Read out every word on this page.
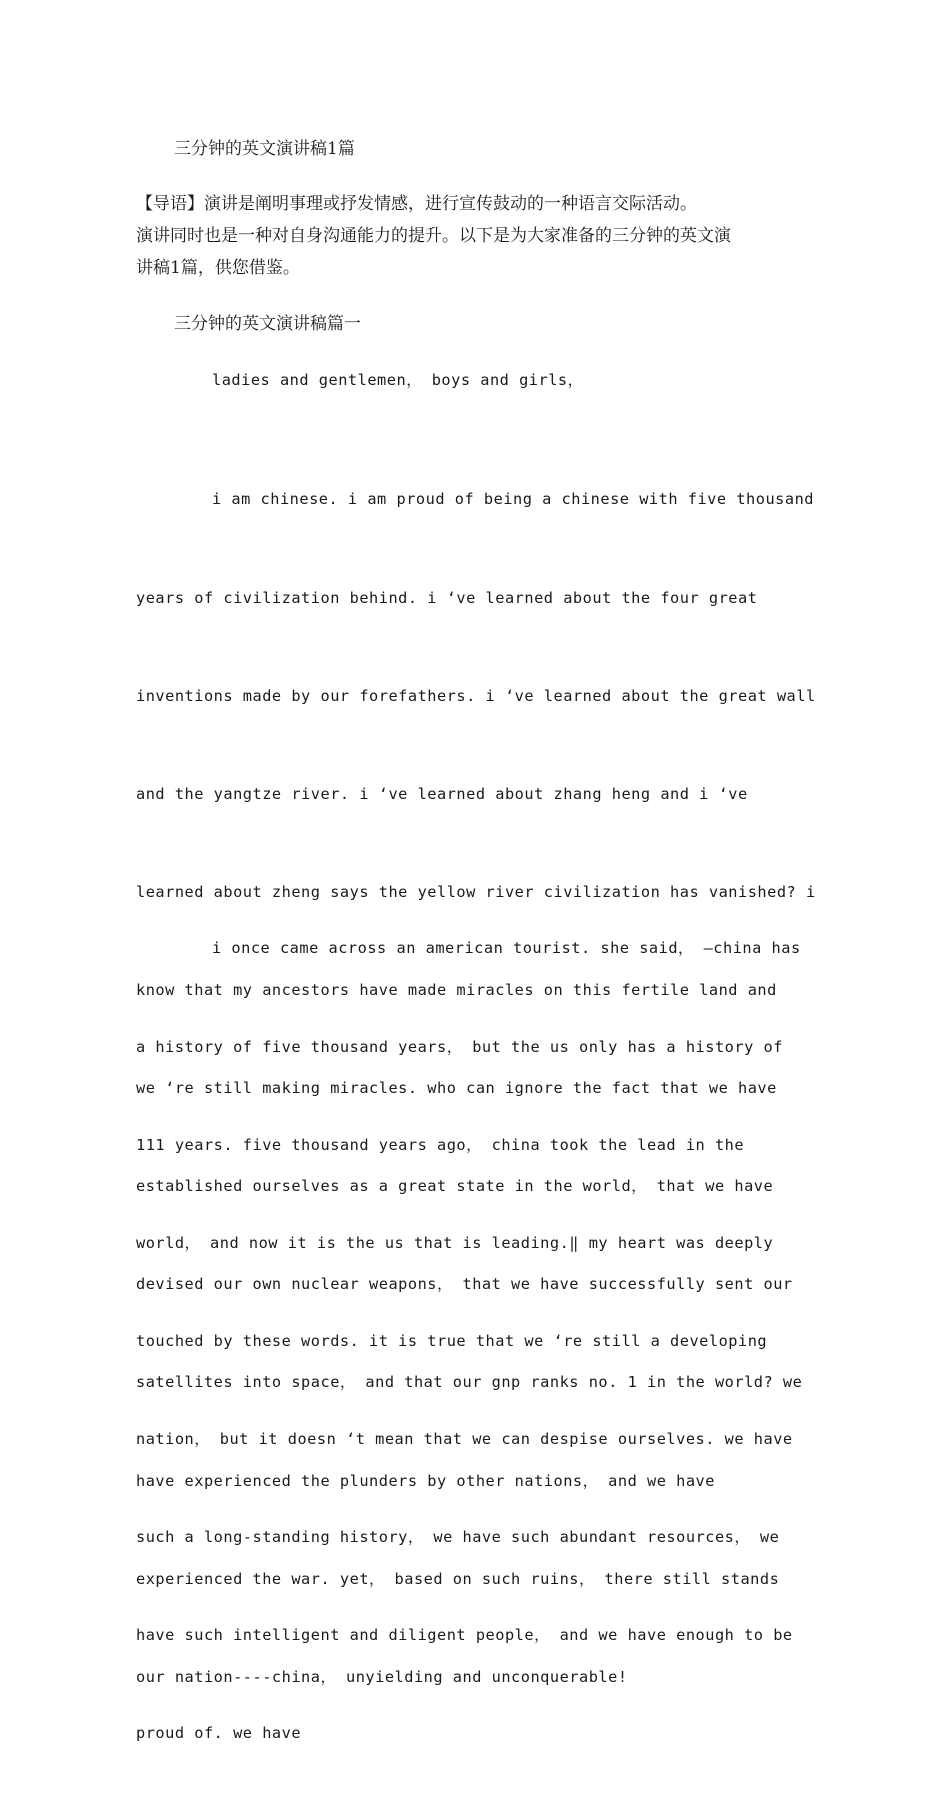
三分钟的英文演讲稿1篇
【导语】演讲是阐明事理或抒发情感，进行宣传鼓动的一种语言交际活动。
演讲同时也是一种对自身沟通能力的提升。以下是为大家准备的三分钟的英文演
讲稿1篇，供您借鉴。
三分钟的英文演讲稿篇一
ladies and gentlemen， boys and girls，

i am chinese. i am proud of being a chinese with five thousand

years of civilization behind. i ‘ve learned about the four great

inventions made by our forefathers. i ‘ve learned about the great wall

and the yangtze river. i ‘ve learned about zhang heng and i ‘ve

learned about zheng says the yellow river civilization has vanished? i

know that my ancestors have made miracles on this fertile land and

we ‘re still making miracles. who can ignore the fact that we have

established ourselves as a great state in the world， that we have

devised our own nuclear weapons， that we have successfully sent our

satellites into space， and that our gnp ranks no. 1 in the world? we

have experienced the plunders by other nations， and we have

experienced the war. yet， based on such ruins， there still stands

our nation----china， unyielding and unconquerable!

i once came across an american tourist. she said， ―china has

a history of five thousand years， but the us only has a history of

111 years. five thousand years ago， china took the lead in the

world， and now it is the us that is leading.‖ my heart was deeply

touched by these words. it is true that we ‘re still a developing

nation， but it doesn ‘t mean that we can despise ourselves. we have

such a long-standing history， we have such abundant resources， we

have such intelligent and diligent people， and we have enough to be

proud of. we have
